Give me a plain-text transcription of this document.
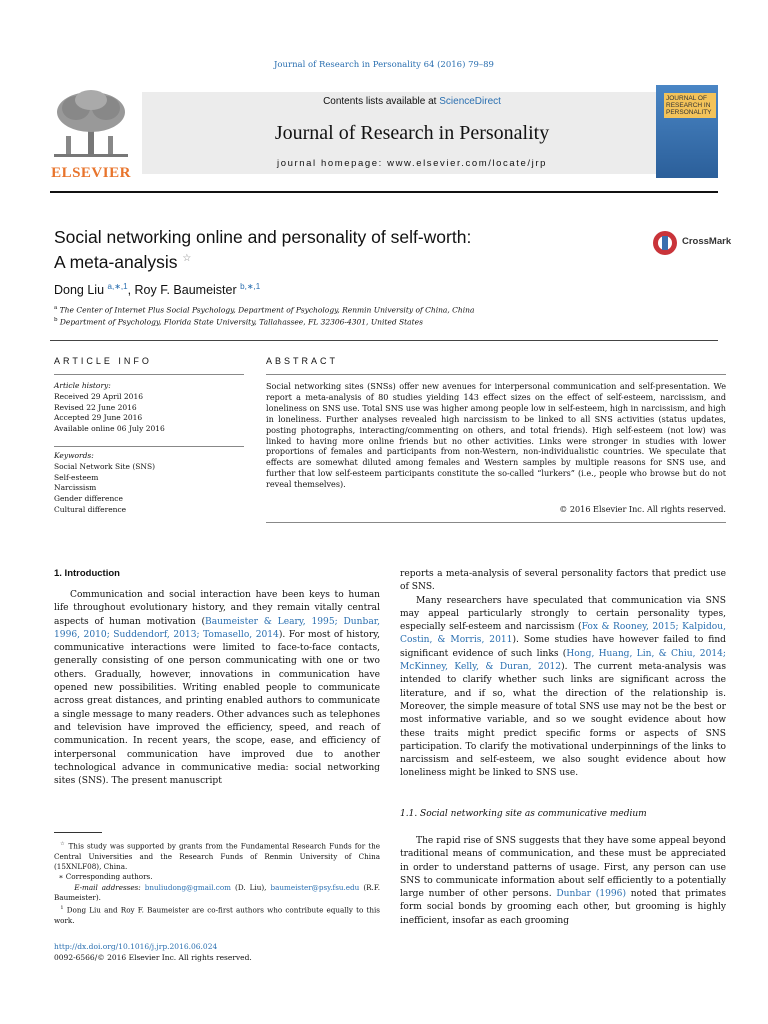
Journal of Research in Personality 64 (2016) 79–89
ELSEVIER
Contents lists available at ScienceDirect
Journal of Research in Personality
journal homepage: www.elsevier.com/locate/jrp
JOURNAL OF RESEARCH IN PERSONALITY
Social networking online and personality of self-worth:
A meta-analysis ☆
CrossMark
Dong Liu $^{a,∗,1}$, Roy F. Baumeister $^{b,∗,1}$
$^a$ The Center of Internet Plus Social Psychology, Department of Psychology, Renmin University of China, China
$^b$ Department of Psychology, Florida State University, Tallahassee, FL 32306-4301, United States
ARTICLE INFO	ABSTRACT
Article history:
Received 29 April 2016
Revised 22 June 2016
Accepted 29 June 2016
Available online 06 July 2016
Keywords:
Social Network Site (SNS)
Self-esteem
Narcissism
Gender difference
Cultural difference
Social networking sites (SNSs) offer new avenues for interpersonal communication and self-presentation. We report a meta-analysis of 80 studies yielding 143 effect sizes on the effect of self-esteem, narcissism, and loneliness on SNS use. Total SNS use was higher among people low in self-esteem, high in narcissism, and high in loneliness. Further analyses revealed high narcissism to be linked to all SNS activities (status updates, posting photographs, interacting/commenting on others, and total friends). High self-esteem (not low) was linked to having more online friends but no other activities. Links were stronger in studies with lower proportions of females and participants from non-Western, non-individualistic countries. We speculate that effects are somewhat diluted among females and Western samples by multiple reasons for SNS use, and further that low self-esteem participants constitute the so-called “lurkers” (i.e., people who browse but do not reveal themselves).
© 2016 Elsevier Inc. All rights reserved.
1. Introduction

Communication and social interaction have been keys to human life throughout evolutionary history, and they remain vitally central aspects of human motivation (Baumeister & Leary, 1995; Dunbar, 1996, 2010; Suddendorf, 2013; Tomasello, 2014). For most of history, communicative interactions were limited to face-to-face contacts, generally consisting of one person communicating with one or two others. Gradually, however, innovations in communication have opened new possibilities. Writing enabled people to communicate across great distances, and printing enabled authors to communicate a single message to many readers. Other advances such as telephones and television have improved the efficiency, speed, and reach of communication. In recent years, the scope, ease, and efficiency of interpersonal communication have improved due to another technological advance in communicative media: social networking sites (SNS). The present manuscript

reports a meta-analysis of several personality factors that predict use of SNS.

Many researchers have speculated that communication via SNS may appeal particularly strongly to certain personality types, especially self-esteem and narcissism (Fox & Rooney, 2015; Kalpidou, Costin, & Morris, 2011). Some studies have however failed to find significant evidence of such links (Hong, Huang, Lin, & Chiu, 2014; McKinney, Kelly, & Duran, 2012). The current meta-analysis was intended to clarify whether such links are significant across the literature, and if so, what the direction of the relationship is. Moreover, the simple measure of total SNS use may not be the best or most informative variable, and so we sought evidence about how these traits might predict specific forms or aspects of SNS participation. To clarify the motivational underpinnings of the links to narcissism and self-esteem, we also sought evidence about how loneliness might be linked to SNS use.

1.1. Social networking site as communicative medium

The rapid rise of SNS suggests that they have some appeal beyond traditional means of communication, and these must be appreciated in order to understand patterns of usage. First, any person can use SNS to communicate information about self efficiently to a potentially large number of other persons. Dunbar (1996) noted that primates form social bonds by grooming each other, but grooming is highly inefficient, insofar as each grooming

☆ This study was supported by grants from the Fundamental Research Funds for the Central Universities and the Research Funds of Renmin University of China (15XNLF08), China.

∗ Corresponding authors.

E-mail addresses: bnuliudong@gmail.com (D. Liu), baumeister@psy.fsu.edu (R.F. Baumeister).

$^1$ Dong Liu and Roy F. Baumeister are co-first authors who contribute equally to this work.

http://dx.doi.org/10.1016/j.jrp.2016.06.024
0092-6566/© 2016 Elsevier Inc. All rights reserved.
